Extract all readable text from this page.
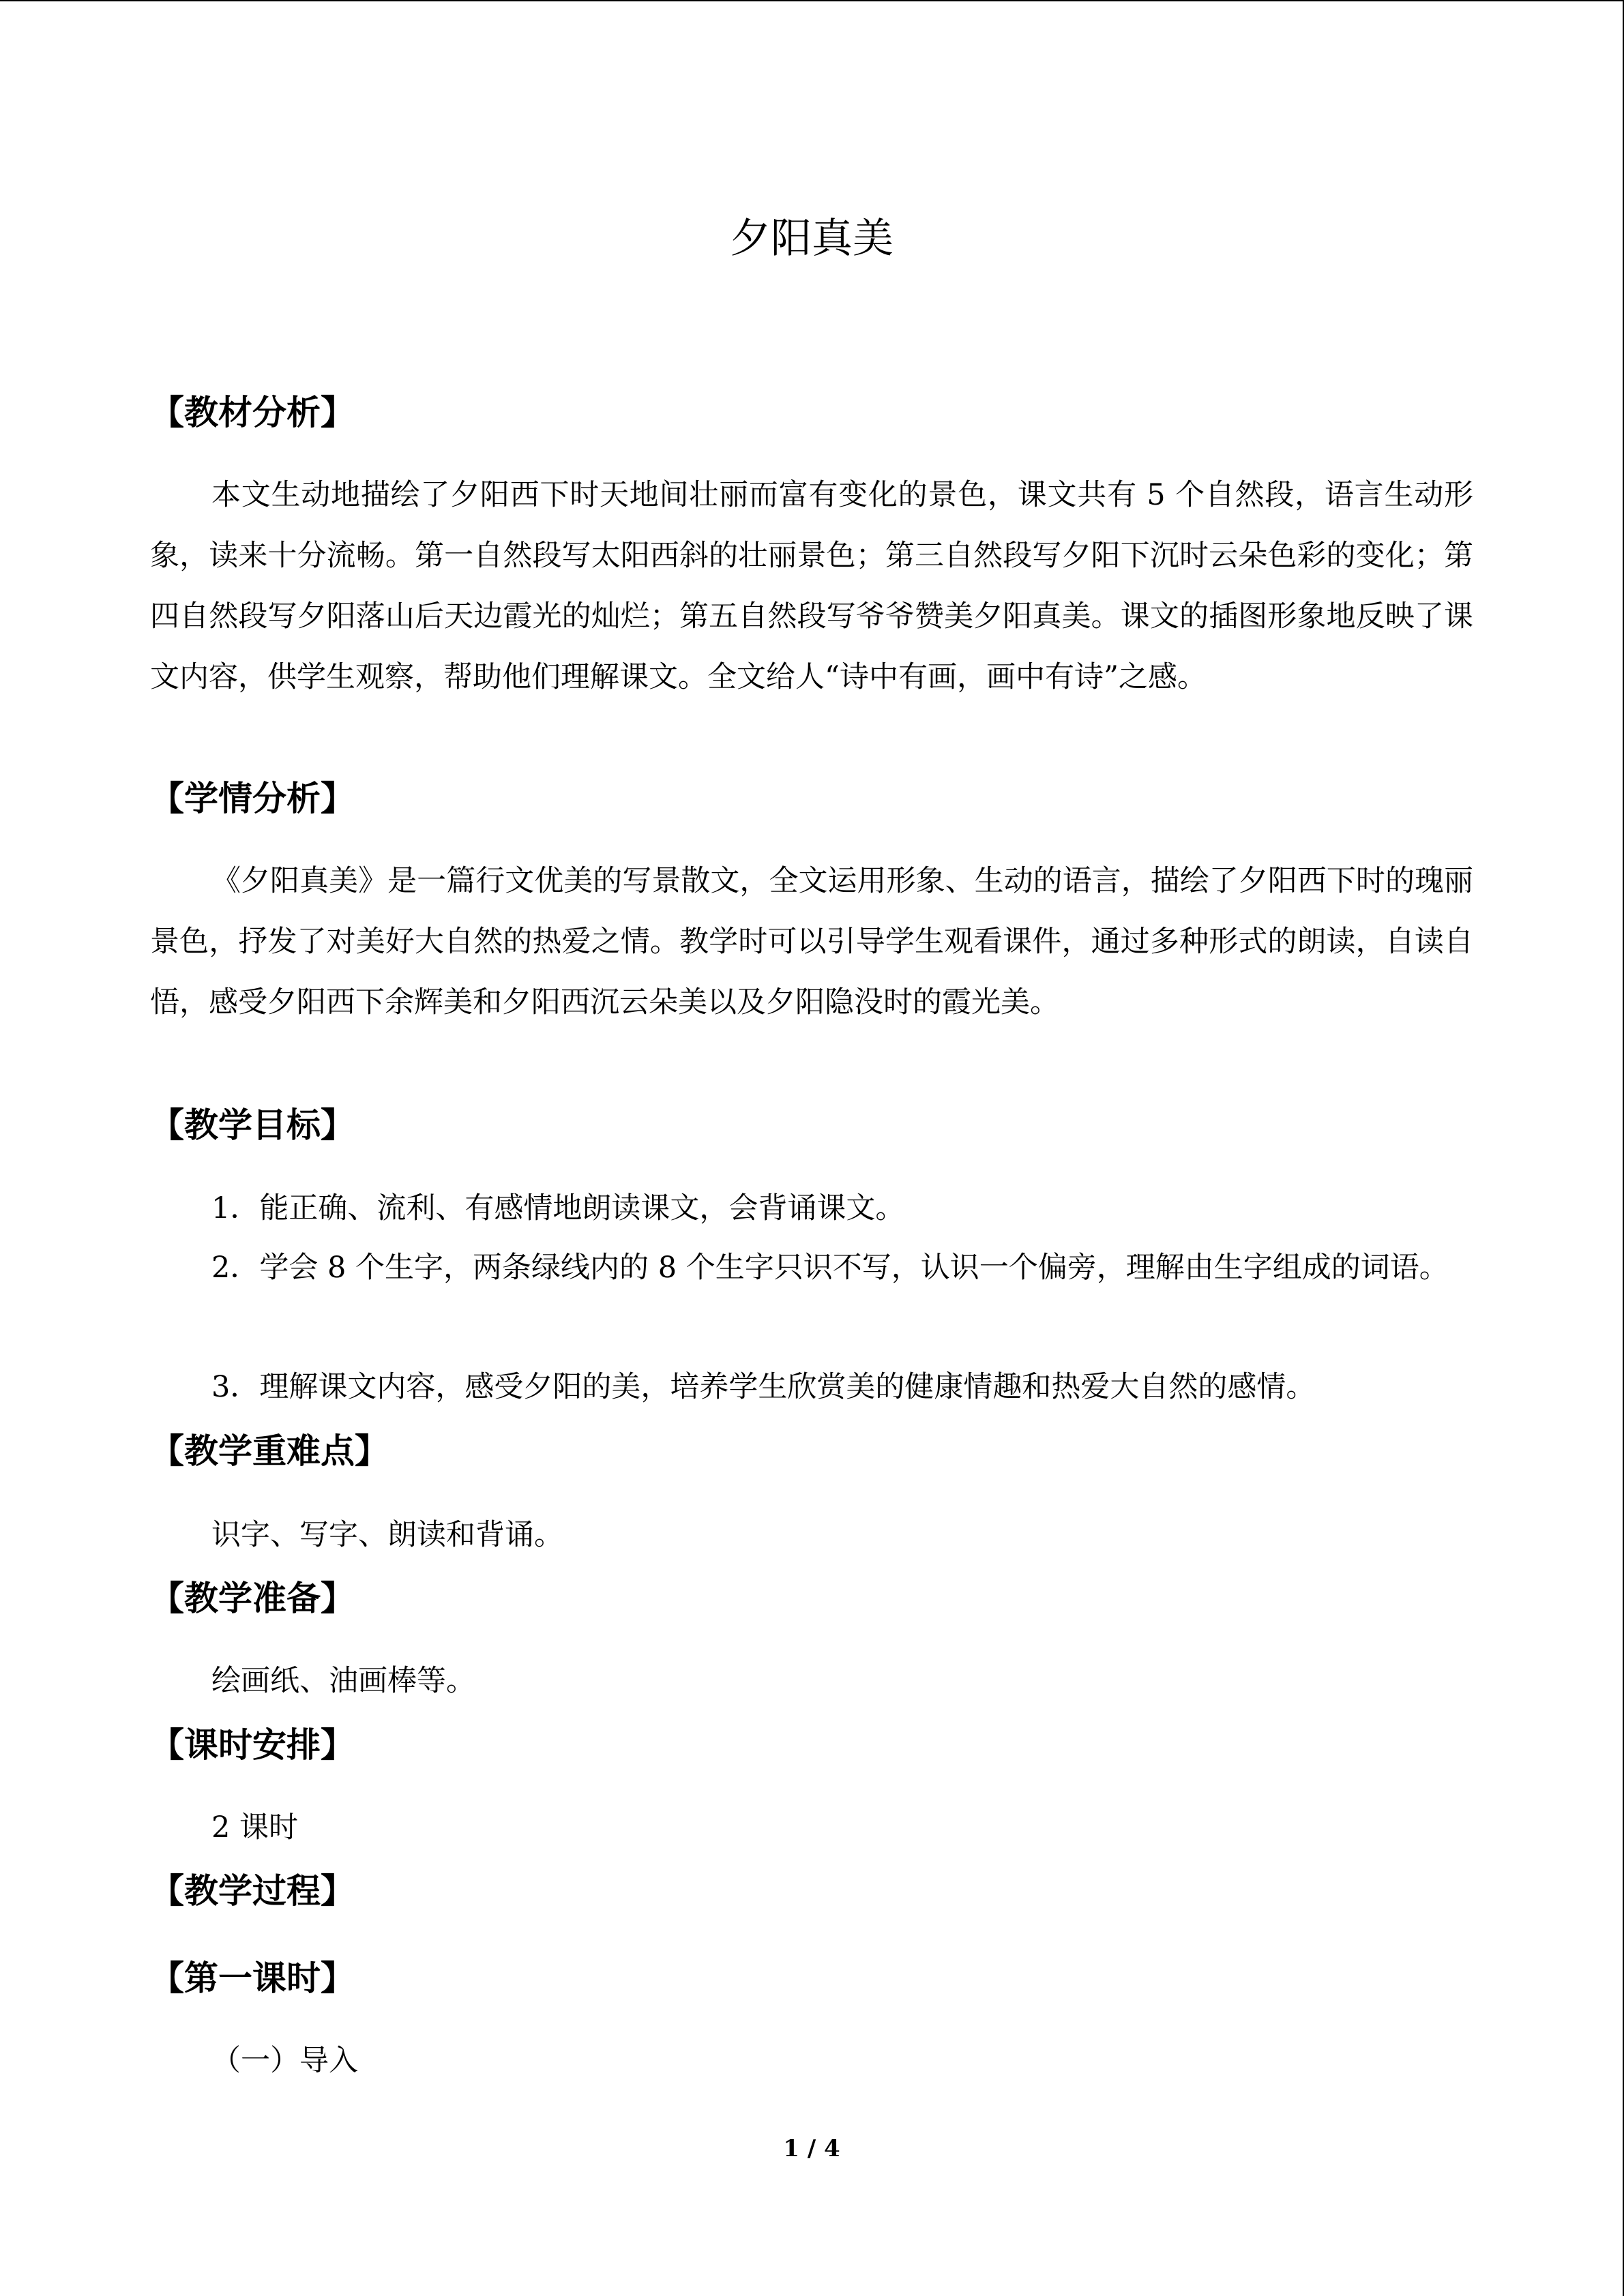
夕阳真美
【教材分析】

本文生动地描绘了夕阳西下时天地间壮丽而富有变化的景色，课文共有 5 个自然段，语言生动形象，读来十分流畅。第一自然段写太阳西斜的壮丽景色；第三自然段写夕阳下沉时云朵色彩的变化；第四自然段写夕阳落山后天边霞光的灿烂；第五自然段写爷爷赞美夕阳真美。课文的插图形象地反映了课文内容，供学生观察，帮助他们理解课文。全文给人“诗中有画，画中有诗”之感。

【学情分析】

《夕阳真美》是一篇行文优美的写景散文，全文运用形象、生动的语言，描绘了夕阳西下时的瑰丽景色，抒发了对美好大自然的热爱之情。教学时可以引导学生观看课件，通过多种形式的朗读，自读自悟，感受夕阳西下余辉美和夕阳西沉云朵美以及夕阳隐没时的霞光美。

【教学目标】

1．能正确、流利、有感情地朗读课文，会背诵课文。

2．学会 8 个生字，两条绿线内的 8 个生字只识不写，认识一个偏旁，理解由生字组成的词语。

3．理解课文内容，感受夕阳的美，培养学生欣赏美的健康情趣和热爱大自然的感情。

【教学重难点】

识字、写字、朗读和背诵。

【教学准备】

绘画纸、油画棒等。

【课时安排】

2 课时

【教学过程】
【第一课时】

（一）导入

1 / 4
